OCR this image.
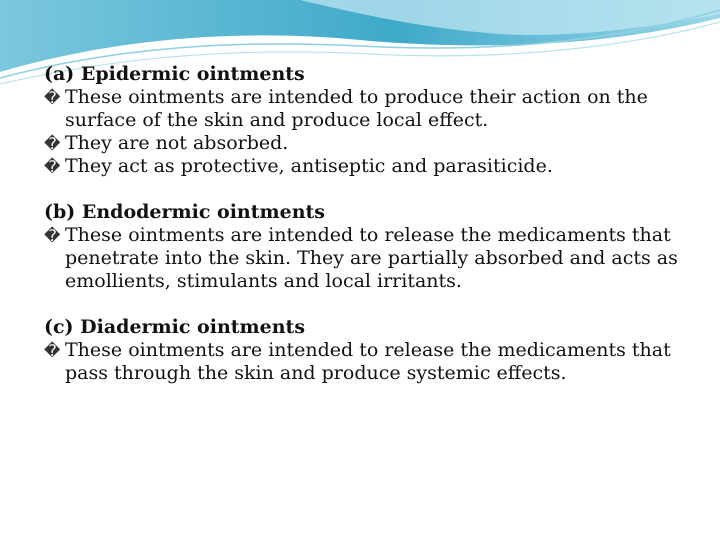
(a) Epidermic ointments

� These ointments are intended to produce their action on the surface of the skin and produce local effect.

� They are not absorbed.

� They act as protective, antiseptic and parasiticide.

(b) Endodermic ointments

� These ointments are intended to release the medicaments that penetrate into the skin. They are partially absorbed and acts as emollients, stimulants and local irritants.

(c) Diadermic ointments

� These ointments are intended to release the medicaments that pass through the skin and produce systemic effects.
